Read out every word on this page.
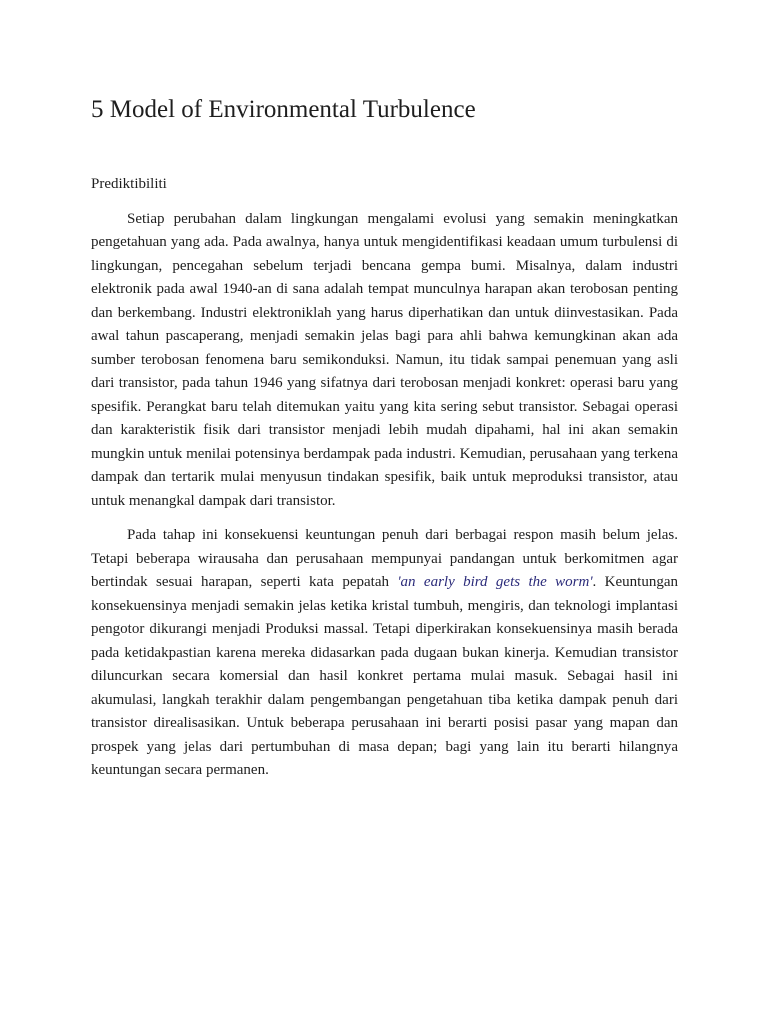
5 Model of Environmental Turbulence

Prediktibiliti

Setiap perubahan dalam lingkungan mengalami evolusi yang semakin meningkatkan pengetahuan yang ada. Pada awalnya, hanya untuk mengidentifikasi keadaan umum turbulensi di lingkungan, pencegahan sebelum terjadi bencana gempa bumi. Misalnya, dalam industri elektronik pada awal 1940-an di sana adalah tempat munculnya harapan akan terobosan penting dan berkembang. Industri elektroniklah yang harus diperhatikan dan untuk diinvestasikan. Pada awal tahun pascaperang, menjadi semakin jelas bagi para ahli bahwa kemungkinan akan ada sumber terobosan fenomena baru semikonduksi. Namun, itu tidak sampai penemuan yang asli dari transistor, pada tahun 1946 yang sifatnya dari terobosan menjadi konkret: operasi baru yang spesifik. Perangkat baru telah ditemukan yaitu yang kita sering sebut transistor. Sebagai operasi dan karakteristik fisik dari transistor menjadi lebih mudah dipahami, hal ini akan semakin mungkin untuk menilai potensinya berdampak pada industri. Kemudian, perusahaan yang terkena dampak dan tertarik mulai menyusun tindakan spesifik, baik untuk meproduksi transistor, atau untuk menangkal dampak dari transistor.

Pada tahap ini konsekuensi keuntungan penuh dari berbagai respon masih belum jelas. Tetapi beberapa wirausaha dan perusahaan mempunyai pandangan untuk berkomitmen agar bertindak sesuai harapan, seperti kata pepatah 'an early bird gets the worm'. Keuntungan konsekuensinya menjadi semakin jelas ketika kristal tumbuh, mengiris, dan teknologi implantasi pengotor dikurangi menjadi Produksi massal. Tetapi diperkirakan konsekuensinya masih berada pada ketidakpastian karena mereka didasarkan pada dugaan bukan kinerja. Kemudian transistor diluncurkan secara komersial dan hasil konkret pertama mulai masuk. Sebagai hasil ini akumulasi, langkah terakhir dalam pengembangan pengetahuan tiba ketika dampak penuh dari transistor direalisasikan. Untuk beberapa perusahaan ini berarti posisi pasar yang mapan dan prospek yang jelas dari pertumbuhan di masa depan; bagi yang lain itu berarti hilangnya keuntungan secara permanen.
